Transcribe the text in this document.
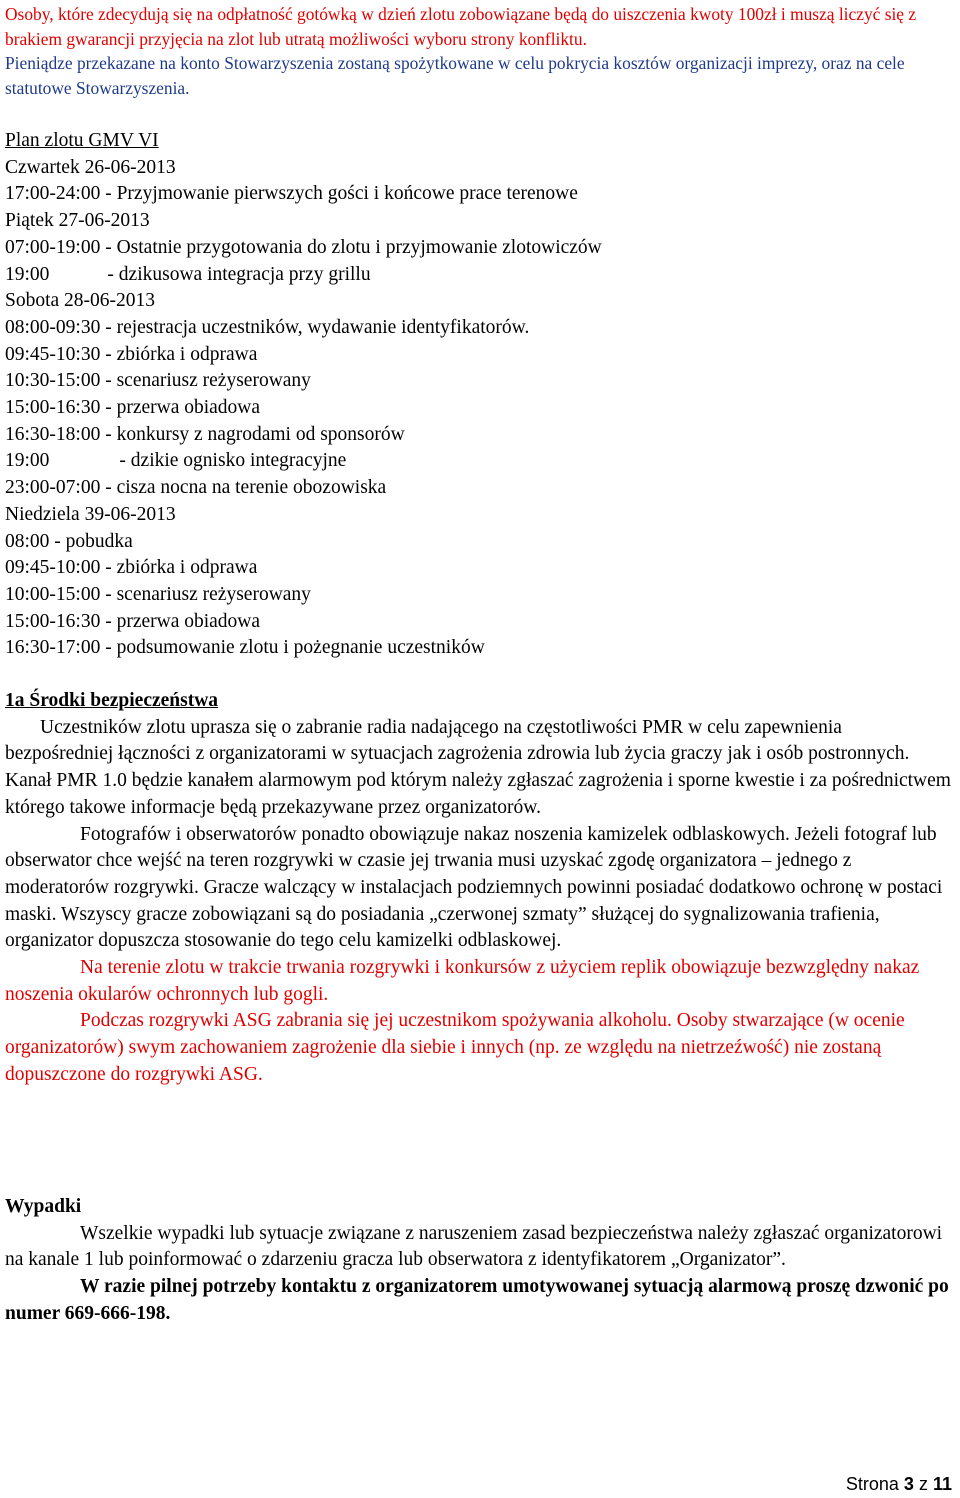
Osoby, które zdecydują się na odpłatność gotówką w dzień zlotu zobowiązane będą do uiszczenia kwoty 100zł i muszą liczyć się z brakiem gwarancji przyjęcia na zlot lub utratą możliwości wyboru strony konfliktu.
Pieniądze przekazane na konto Stowarzyszenia zostaną spożytkowane w celu pokrycia kosztów organizacji imprezy, oraz na cele statutowe Stowarzyszenia.
Plan zlotu GMV VI
Czwartek 26-06-2013
17:00-24:00 - Przyjmowanie pierwszych gości i końcowe prace terenowe
Piątek 27-06-2013
07:00-19:00 - Ostatnie przygotowania do zlotu i przyjmowanie zlotowiczów
19:00	- dzikusowa integracja przy grillu
Sobota 28-06-2013
08:00-09:30 - rejestracja uczestników, wydawanie identyfikatorów.
09:45-10:30 - zbiórka i odprawa
10:30-15:00 - scenariusz reżyserowany
15:00-16:30 - przerwa obiadowa
16:30-18:00 - konkursy z nagrodami od sponsorów
19:00	- dzikie ognisko integracyjne
23:00-07:00 - cisza nocna na terenie obozowiska
Niedziela 39-06-2013
08:00 - pobudka
09:45-10:00 - zbiórka i odprawa
10:00-15:00 - scenariusz reżyserowany
15:00-16:30 - przerwa obiadowa
16:30-17:00 - podsumowanie zlotu i pożegnanie uczestników

1a Środki bezpieczeństwa

Uczestników zlotu uprasza się o zabranie radia nadającego na częstotliwości PMR w celu zapewnienia bezpośredniej łączności z organizatorami w sytuacjach zagrożenia zdrowia lub życia graczy jak i osób postronnych. Kanał PMR 1.0 będzie kanałem alarmowym pod którym należy zgłaszać zagrożenia i sporne kwestie i za pośrednictwem którego takowe informacje będą przekazywane przez organizatorów.

Fotografów i obserwatorów ponadto obowiązuje nakaz noszenia kamizelek odblaskowych. Jeżeli fotograf lub obserwator chce wejść na teren rozgrywki w czasie jej trwania musi uzyskać zgodę organizatora – jednego z moderatorów rozgrywki. Gracze walczący w instalacjach podziemnych powinni posiadać dodatkowo ochronę w postaci maski. Wszyscy gracze zobowiązani są do posiadania „czerwonej szmaty” służącej do sygnalizowania trafienia, organizator dopuszcza stosowanie do tego celu kamizelki odblaskowej.

Na terenie zlotu w trakcie trwania rozgrywki i konkursów z użyciem replik obowiązuje bezwzględny nakaz noszenia okularów ochronnych lub gogli.

Podczas rozgrywki ASG zabrania się jej uczestnikom spożywania alkoholu. Osoby stwarzające (w ocenie organizatorów) swym zachowaniem zagrożenie dla siebie i innych (np. ze względu na nietrzeźwość) nie zostaną dopuszczone do rozgrywki ASG.

Wypadki

Wszelkie wypadki lub sytuacje związane z naruszeniem zasad bezpieczeństwa należy zgłaszać organizatorowi na kanale 1 lub poinformować o zdarzeniu gracza lub obserwatora z identyfikatorem „Organizator”.

W razie pilnej potrzeby kontaktu z organizatorem umotywowanej sytuacją alarmową proszę dzwonić po numer 669-666-198.

Strona 3 z 11
